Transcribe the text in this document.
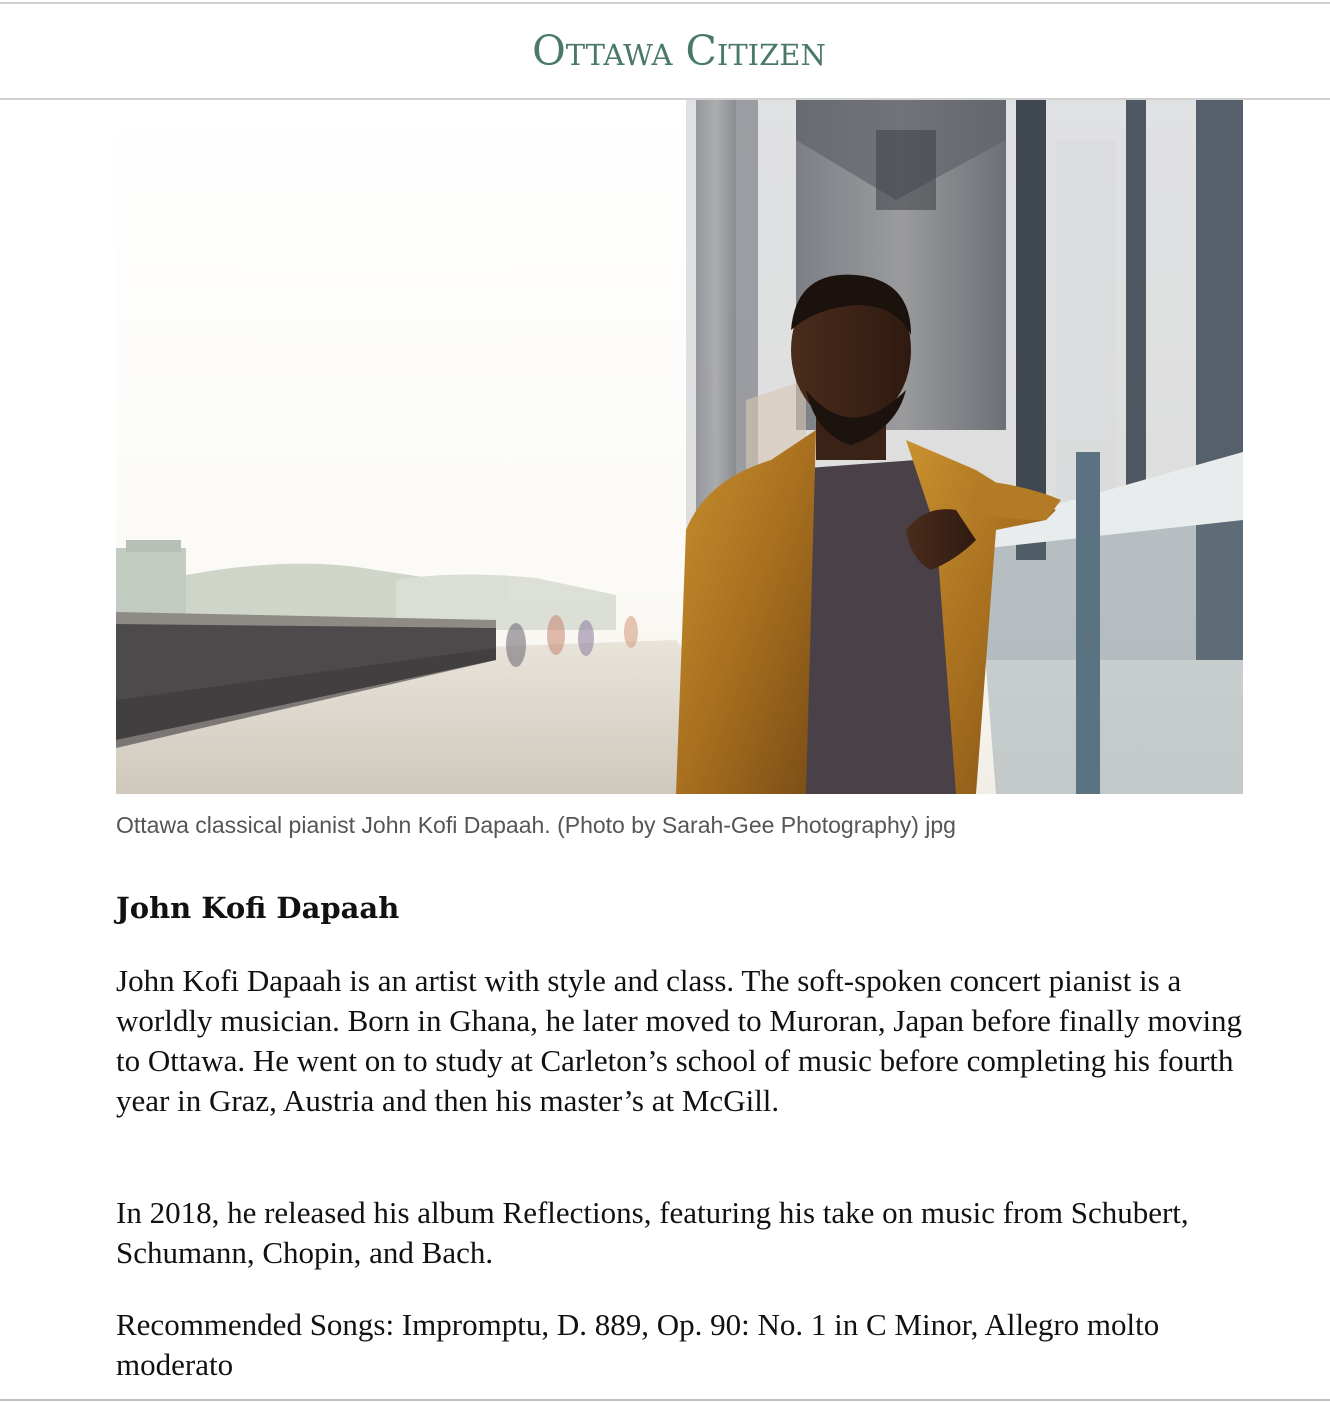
Ottawa Citizen
Ottawa classical pianist John Kofi Dapaah. (Photo by Sarah-Gee Photography) jpg
John Kofi Dapaah

John Kofi Dapaah is an artist with style and class. The soft-spoken concert pianist is a worldly musician. Born in Ghana, he later moved to Muroran, Japan before finally moving to Ottawa. He went on to study at Carleton’s school of music before completing his fourth year in Graz, Austria and then his master’s at McGill.

In 2018, he released his album Reflections, featuring his take on music from Schubert, Schumann, Chopin, and Bach.

Recommended Songs: Impromptu, D. 889, Op. 90: No. 1 in C Minor, Allegro molto moderato
